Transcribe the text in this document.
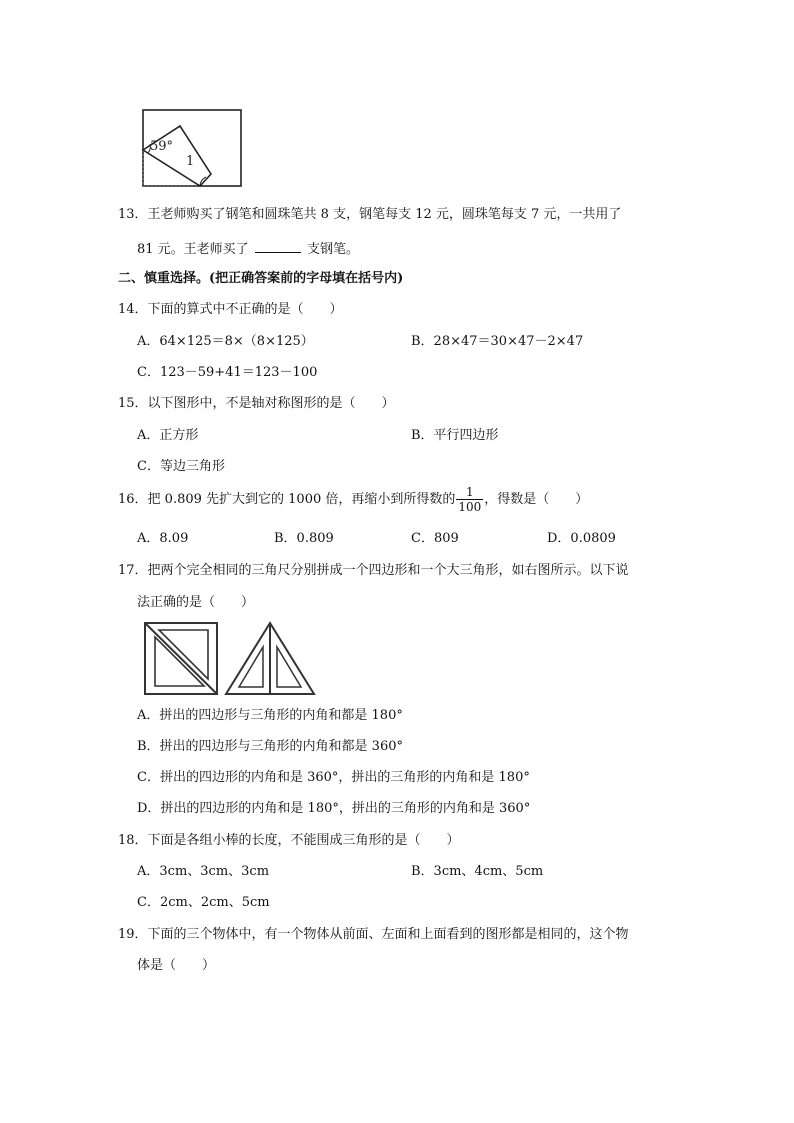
59°
1
13．王老师购买了钢笔和圆珠笔共 8 支，钢笔每支 12 元，圆珠笔每支 7 元，一共用了
81 元。王老师买了	支钢笔。
二、慎重选择。(把正确答案前的字母填在括号内)
14．下面的算式中不正确的是（　　）
A．64×125＝8×（8×125）	B．28×47＝30×47－2×47
C．123－59+41＝123－100
15．以下图形中，不是轴对称图形的是（　　）
A．正方形	B．平行四边形
C．等边三角形
16．把 0.809 先扩大到它的 1000 倍，再缩小到所得数的 $\frac{1}{100}$ ，得数是（　　）
A．8.09	B．0.809	C．809	D．0.0809
17．把两个完全相同的三角尺分别拼成一个四边形和一个大三角形，如右图所示。以下说
法正确的是（　　）
A．拼出的四边形与三角形的内角和都是 180°
B．拼出的四边形与三角形的内角和都是 360°
C．拼出的四边形的内角和是 360°，拼出的三角形的内角和是 180°
D．拼出的四边形的内角和是 180°，拼出的三角形的内角和是 360°
18．下面是各组小棒的长度，不能围成三角形的是（　　）
A．3cm、3cm、3cm	B．3cm、4cm、5cm
C．2cm、2cm、5cm
19．下面的三个物体中，有一个物体从前面、左面和上面看到的图形都是相同的，这个物
体是（　　）
